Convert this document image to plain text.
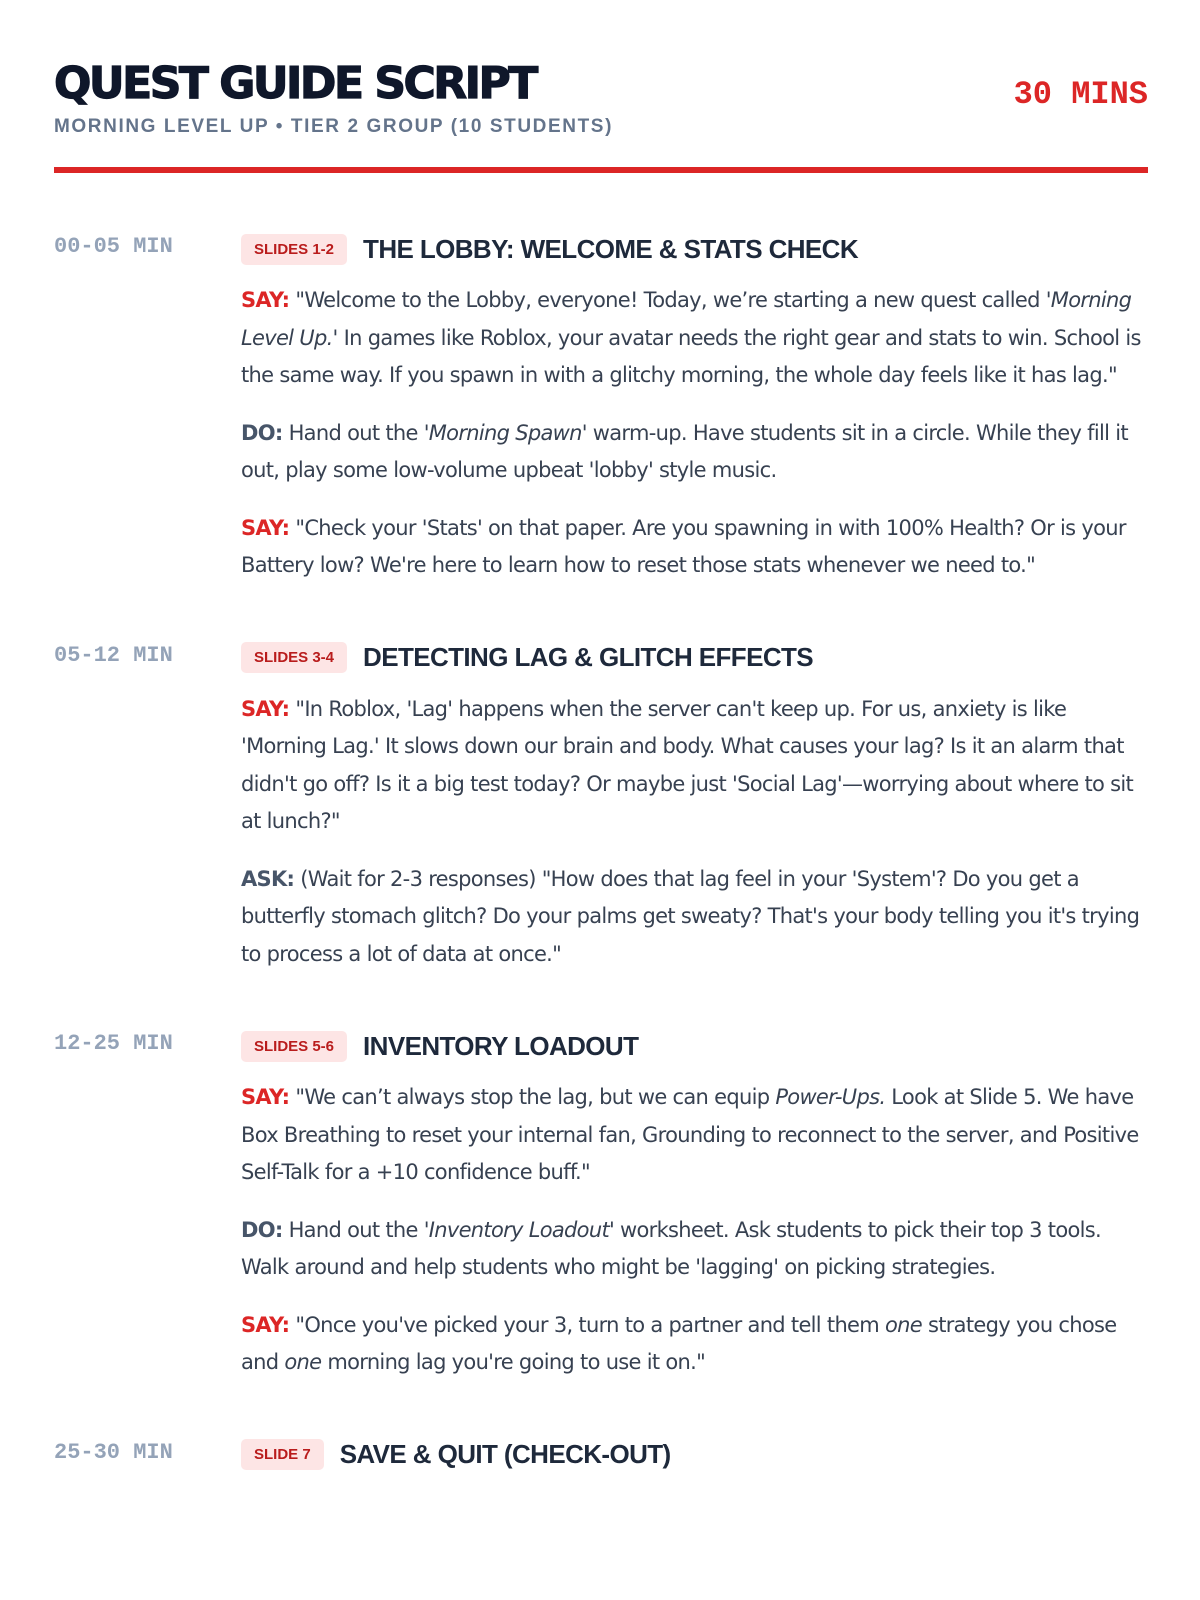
QUEST GUIDE SCRIPT
MORNING LEVEL UP • TIER 2 GROUP (10 STUDENTS)
30 MINS
00-05 MIN	SLIDES 1-2	THE LOBBY: WELCOME & STATS CHECK

SAY: "Welcome to the Lobby, everyone! Today, we’re starting a new quest called 'Morning Level Up.' In games like Roblox, your avatar needs the right gear and stats to win. School is the same way. If you spawn in with a glitchy morning, the whole day feels like it has lag."

DO: Hand out the 'Morning Spawn' warm-up. Have students sit in a circle. While they fill it out, play some low-volume upbeat 'lobby' style music.

SAY: "Check your 'Stats' on that paper. Are you spawning in with 100% Health? Or is your Battery low? We're here to learn how to reset those stats whenever we need to."

05-12 MIN	SLIDES 3-4	DETECTING LAG & GLITCH EFFECTS

SAY: "In Roblox, 'Lag' happens when the server can't keep up. For us, anxiety is like 'Morning Lag.' It slows down our brain and body. What causes your lag? Is it an alarm that didn't go off? Is it a big test today? Or maybe just 'Social Lag'—worrying about where to sit at lunch?"

ASK: (Wait for 2-3 responses) "How does that lag feel in your 'System'? Do you get a butterfly stomach glitch? Do your palms get sweaty? That's your body telling you it's trying to process a lot of data at once."

12-25 MIN	SLIDES 5-6	INVENTORY LOADOUT

SAY: "We can’t always stop the lag, but we can equip Power-Ups. Look at Slide 5. We have Box Breathing to reset your internal fan, Grounding to reconnect to the server, and Positive Self-Talk for a +10 confidence buff."

DO: Hand out the 'Inventory Loadout' worksheet. Ask students to pick their top 3 tools. Walk around and help students who might be 'lagging' on picking strategies.

SAY: "Once you've picked your 3, turn to a partner and tell them one strategy you chose and one morning lag you're going to use it on."

25-30 MIN	SLIDE 7	SAVE & QUIT (CHECK-OUT)
